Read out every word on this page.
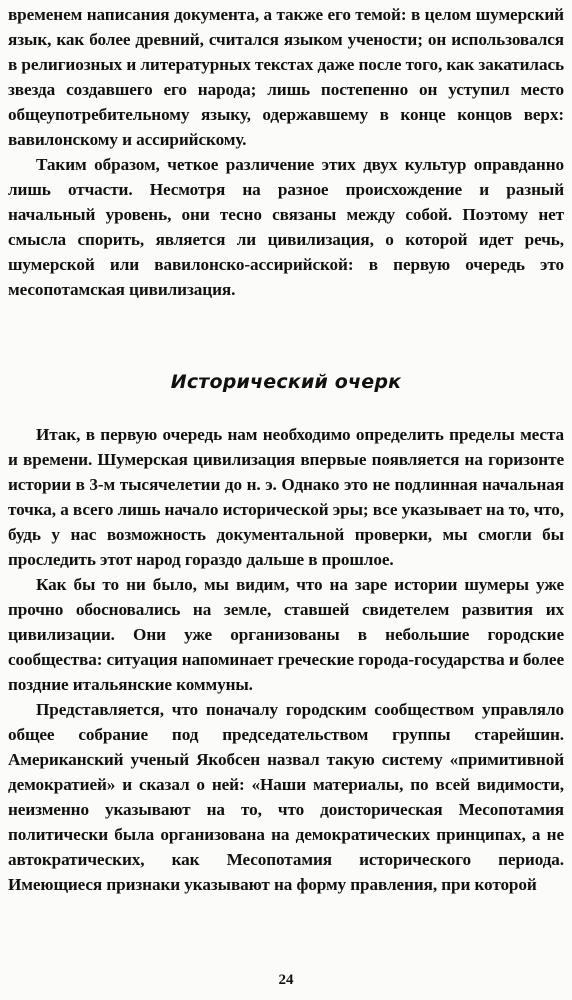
временем написания документа, а также его темой: в целом шумерский язык, как более древний, считался языком учености; он использовался в религиозных и литературных текстах даже после того, как закатилась звезда создавшего его народа; лишь постепенно он уступил место общеупотребительному языку, одержавшему в конце концов верх: вавилонскому и ассирийскому.

Таким образом, четкое различение этих двух культур оправданно лишь отчасти. Несмотря на разное происхождение и разный начальный уровень, они тесно связаны между собой. Поэтому нет смысла спорить, является ли цивилизация, о которой идет речь, шумерской или вавилонско-ассирийской: в первую очередь это месопотамская цивилизация.

Исторический очерк

Итак, в первую очередь нам необходимо определить пределы места и времени. Шумерская цивилизация впервые появляется на горизонте истории в 3-м тысячелетии до н. э. Однако это не подлинная начальная точка, а всего лишь начало исторической эры; все указывает на то, что, будь у нас возможность документальной проверки, мы смогли бы проследить этот народ гораздо дальше в прошлое.

Как бы то ни было, мы видим, что на заре истории шумеры уже прочно обосновались на земле, ставшей свидетелем развития их цивилизации. Они уже организованы в небольшие городские сообщества: ситуация напоминает греческие города-государства и более поздние итальянские коммуны.

Представляется, что поначалу городским сообществом управляло общее собрание под председательством группы старейшин. Американский ученый Якобсен назвал такую систему «примитивной демократией» и сказал о ней: «Наши материалы, по всей видимости, неизменно указывают на то, что доисторическая Месопотамия политически была организована на демократических принципах, а не автократических, как Месопотамия исторического периода. Имеющиеся признаки указывают на форму правления, при которой

24
